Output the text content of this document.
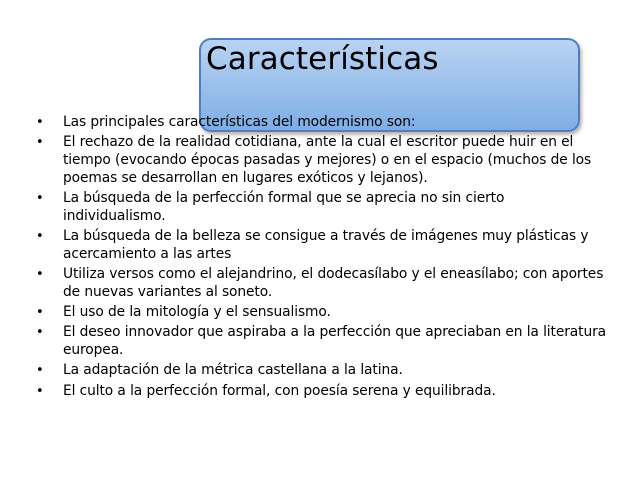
Características
•	Las principales características del modernismo son:
•	El rechazo de la realidad cotidiana, ante la cual el escritor puede huir en el tiempo (evocando épocas pasadas y mejores) o en el espacio (muchos de los poemas se desarrollan en lugares exóticos y lejanos).
•	La búsqueda de la perfección formal que se aprecia no sin cierto individualismo.
•	La búsqueda de la belleza se consigue a través de imágenes muy plásticas y acercamiento a las artes
•	Utiliza versos como el alejandrino, el dodecasílabo y el eneasílabo; con aportes de nuevas variantes al soneto.
•	El uso de la mitología y el sensualismo.
•	El deseo innovador que aspiraba a la perfección que apreciaban en la literatura europea.
•	La adaptación de la métrica castellana a la latina.
•	El culto a la perfección formal, con poesía serena y equilibrada.
